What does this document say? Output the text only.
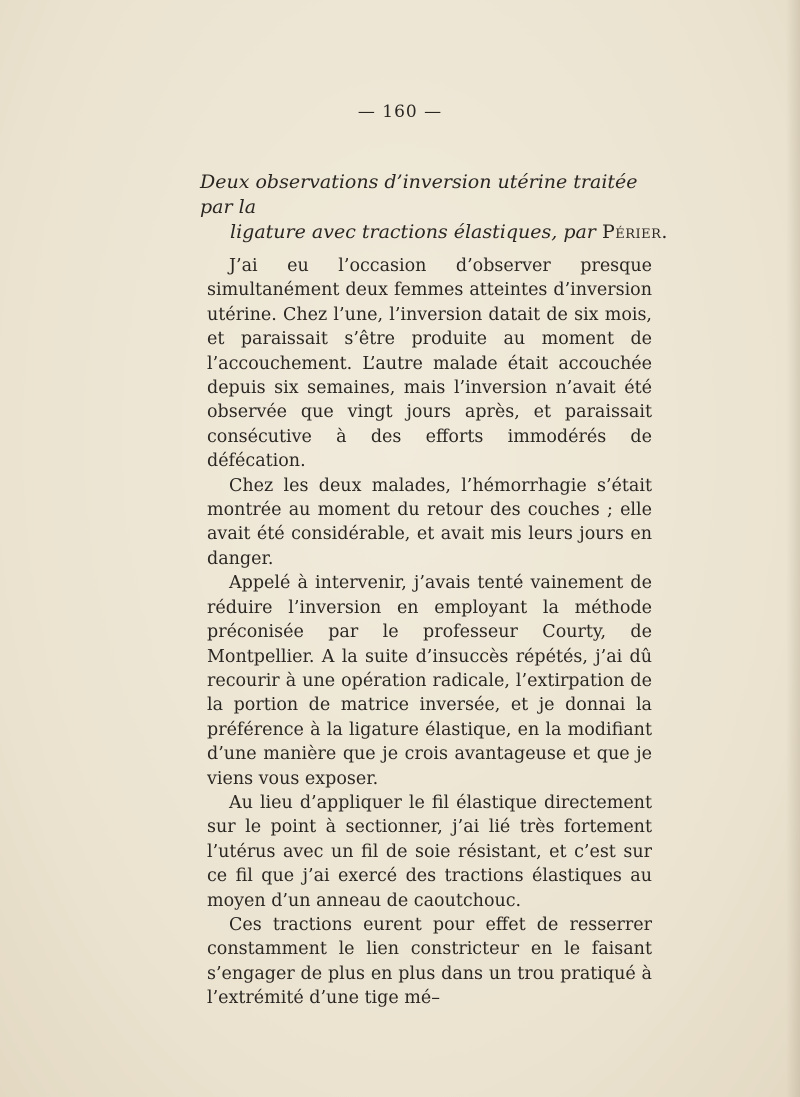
— 160 —
Deux observations d’inversion utérine traitée par la
ligature avec tractions élastiques, par Périer.

J’ai eu l’occasion d’observer presque simultanément deux femmes atteintes d’inversion utérine. Chez l’une, l’inversion datait de six mois, et paraissait s’être produite au moment de l’accouchement. L’autre malade était accouchée depuis six semaines, mais l’inversion n’avait été observée que vingt jours après, et paraissait consécutive à des efforts immodérés de défécation.

Chez les deux malades, l’hémorrhagie s’était montrée au moment du retour des couches ; elle avait été considérable, et avait mis leurs jours en danger.

Appelé à intervenir, j’avais tenté vainement de réduire l’inversion en employant la méthode préconisée par le professeur Courty, de Montpellier. A la suite d’insuccès répétés, j’ai dû recourir à une opération radicale, l’extirpation de la portion de matrice inversée, et je donnai la préférence à la ligature élastique, en la modifiant d’une manière que je crois avantageuse et que je viens vous exposer.

Au lieu d’appliquer le fil élastique directement sur le point à sectionner, j’ai lié très fortement l’utérus avec un fil de soie résistant, et c’est sur ce fil que j’ai exercé des tractions élastiques au moyen d’un anneau de caoutchouc.

Ces tractions eurent pour effet de resserrer constamment le lien constricteur en le faisant s’engager de plus en plus dans un trou pratiqué à l’extrémité d’une tige mé–
